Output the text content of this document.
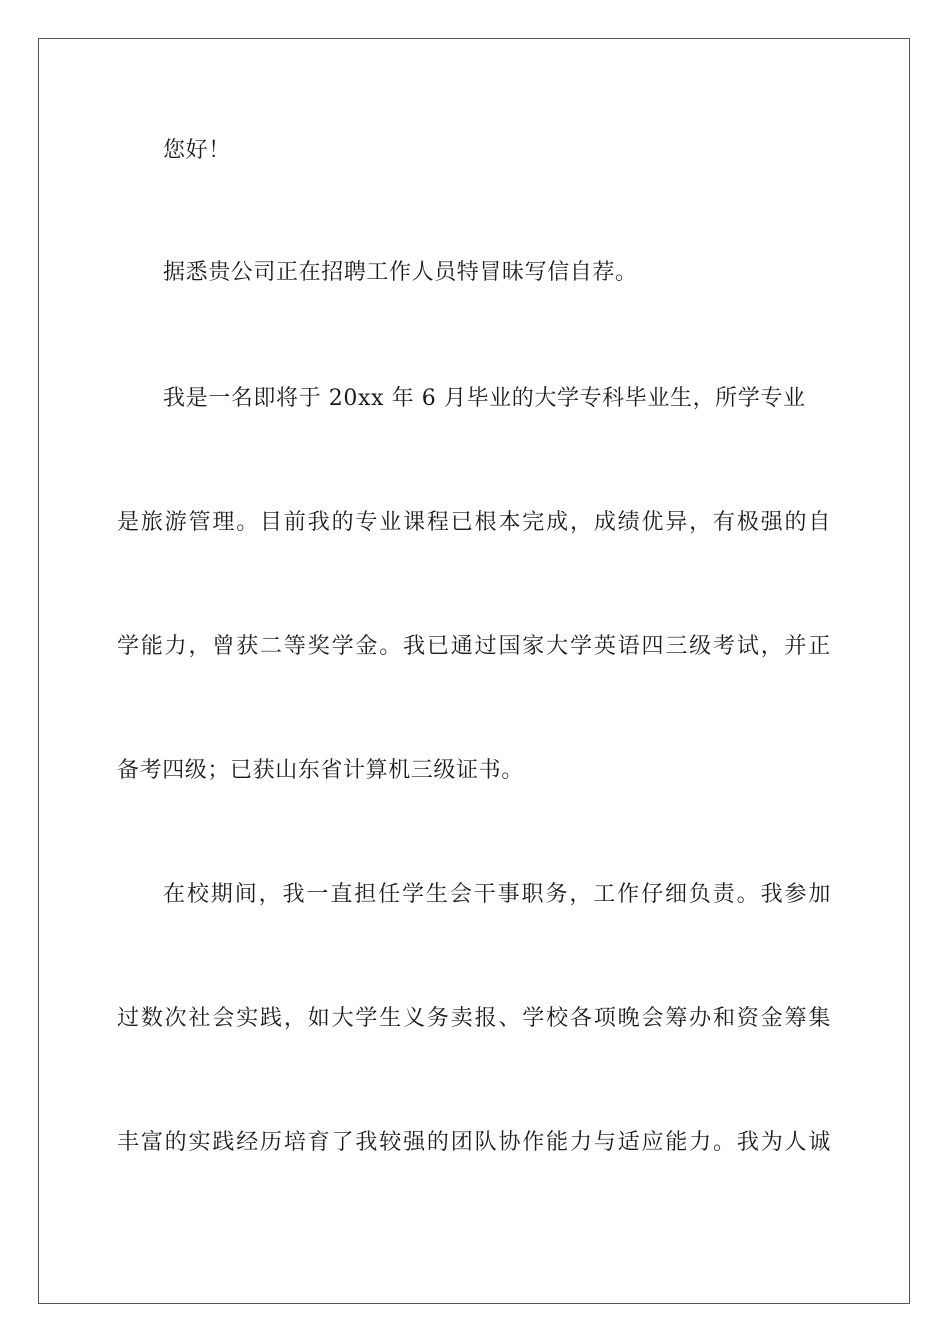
您好！
据悉贵公司正在招聘工作人员特冒昧写信自荐。
我是一名即将于 20xx 年 6 月毕业的大学专科毕业生，所学专业
是旅游管理。目前我的专业课程已根本完成，成绩优异，有极强的自
学能力，曾获二等奖学金。我已通过国家大学英语四三级考试，并正
备考四级；已获山东省计算机三级证书。
在校期间，我一直担任学生会干事职务，工作仔细负责。我参加
过数次社会实践，如大学生义务卖报、学校各项晚会筹办和资金筹集
丰富的实践经历培育了我较强的团队协作能力与适应能力。我为人诚
